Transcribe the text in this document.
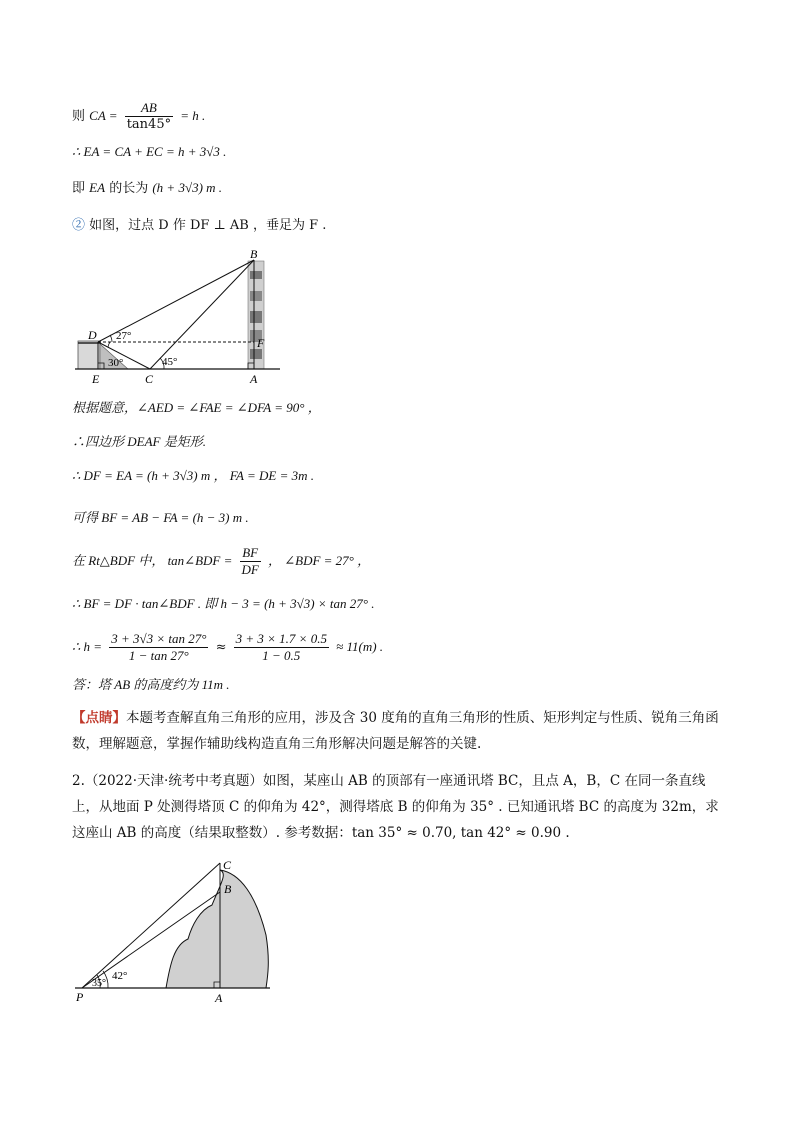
则 CA = $\frac{AB}{\tan 45^\circ} = h$ .
∴ EA = CA + EC = h + 3√3 .
即 EA 的长为 (h + 3√3) m .
② 如图，过点 D 作 DF ⊥ AB ，垂足为 F .
B
D
F
E	C	A
27°
30°	45°
根据题意，∠AED = ∠FAE = ∠DFA = 90° ，
∴四边形 DEAF 是矩形.
∴ DF = EA = (h + 3√3) m ， FA = DE = 3m .
可得 BF = AB − FA = (h − 3) m .
在 Rt△BDF 中， tan∠BDF = $\frac{BF}{DF}$ ， ∠BDF = 27° ，
∴ BF = DF · tan∠BDF . 即 h − 3 = (h + 3√3) × tan 27° .
∴ $h = \frac{3 + 3√3 \times \tan 27^\circ}{1 - \tan 27^\circ} \approx \frac{3 + 3 \times 1.7 \times 0.5}{1 - 0.5} \approx 11(m)$ .
答：塔 AB 的高度约为 11m .
【点睛】本题考查解直角三角形的应用，涉及含 30 度角的直角三角形的性质、矩形判定与性质、锐角三角函数，理解题意，掌握作辅助线构造直角三角形解决问题是解答的关键.
2.（2022·天津·统考中考真题）如图，某座山 AB 的顶部有一座通讯塔 BC，且点 A，B，C 在同一条直线上，从地面 P 处测得塔顶 C 的仰角为 42°，测得塔底 B 的仰角为 35° . 已知通讯塔 BC 的高度为 32m，求这座山 AB 的高度（结果取整数）. 参考数据：tan 35° ≈ 0.70, tan 42° ≈ 0.90 .
C
B
P	A
35°
42°
